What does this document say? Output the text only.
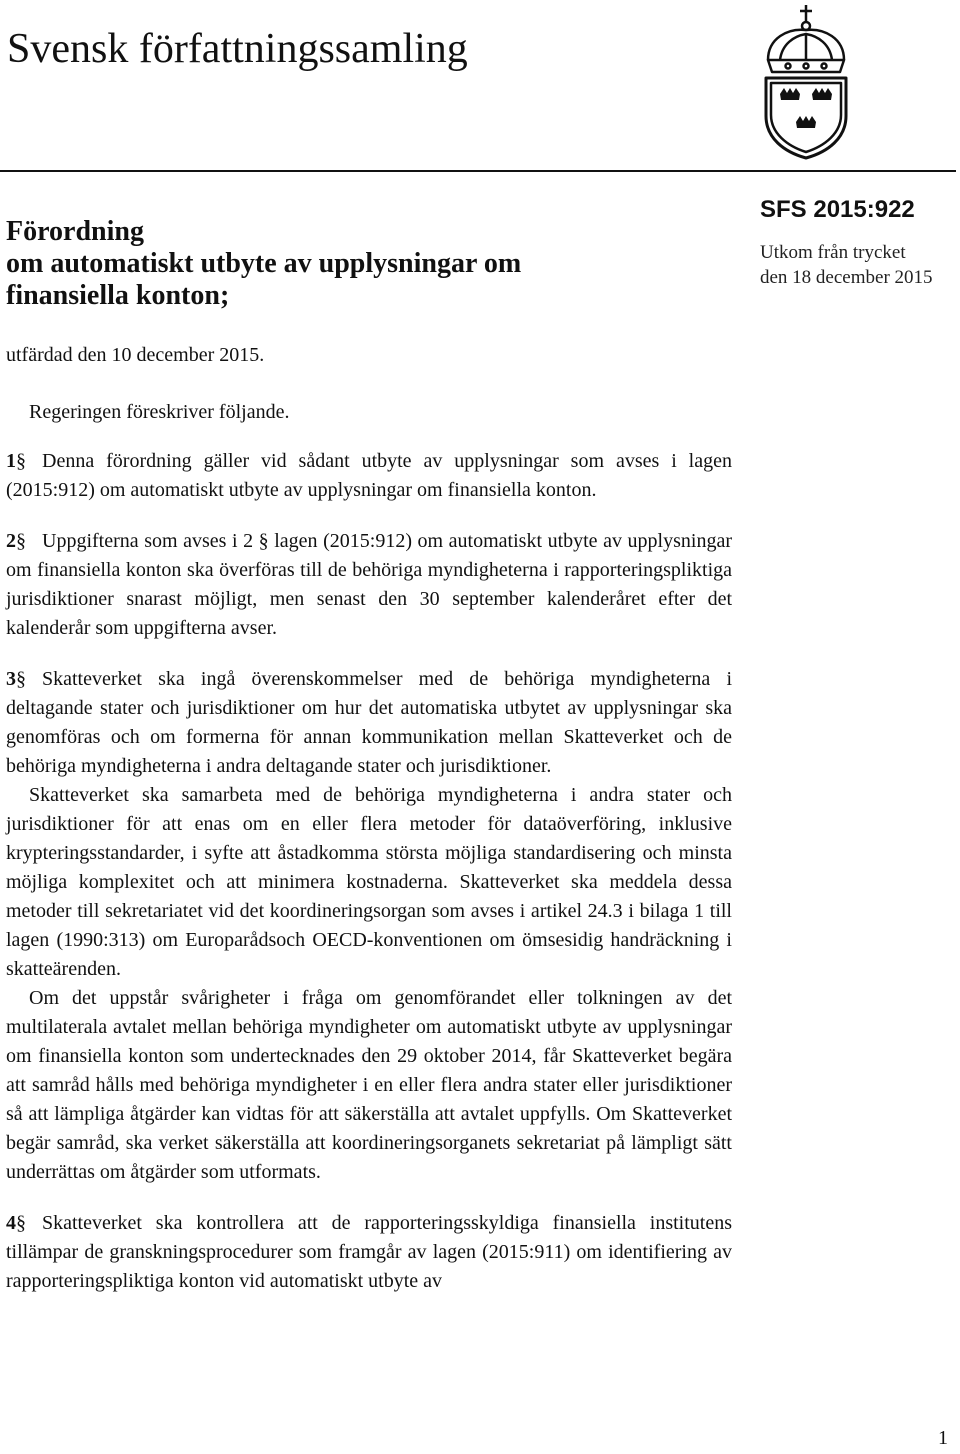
Svensk författningssamling
Förordning
om automatiskt utbyte av upplysningar om
finansiella konton;
SFS 2015:922
Utkom från trycket
den 18 december 2015
utfärdad den 10 december 2015.

Regeringen föreskriver följande.

1§ Denna förordning gäller vid sådant utbyte av upplysningar som avses i lagen (2015:912) om automatiskt utbyte av upplysningar om finansiella konton.

2§ Uppgifterna som avses i 2 § lagen (2015:912) om automatiskt utbyte av upplysningar om finansiella konton ska överföras till de behöriga myndigheterna i rapporteringspliktiga jurisdiktioner snarast möjligt, men senast den 30 september kalenderåret efter det kalenderår som uppgifterna avser.

3§ Skatteverket ska ingå överenskommelser med de behöriga myndigheterna i deltagande stater och jurisdiktioner om hur det automatiska utbytet av upplysningar ska genomföras och om formerna för annan kommunikation mellan Skatteverket och de behöriga myndigheterna i andra deltagande stater och jurisdiktioner.

Skatteverket ska samarbeta med de behöriga myndigheterna i andra stater och jurisdiktioner för att enas om en eller flera metoder för dataöverföring, inklusive krypteringsstandarder, i syfte att åstadkomma största möjliga standardisering och minsta möjliga komplexitet och att minimera kostnaderna. Skatteverket ska meddela dessa metoder till sekretariatet vid det koordineringsorgan som avses i artikel 24.3 i bilaga 1 till lagen (1990:313) om Europarådsoch OECD-konventionen om ömsesidig handräckning i skatteärenden.

Om det uppstår svårigheter i fråga om genomförandet eller tolkningen av det multilaterala avtalet mellan behöriga myndigheter om automatiskt utbyte av upplysningar om finansiella konton som undertecknades den 29 oktober 2014, får Skatteverket begära att samråd hålls med behöriga myndigheter i en eller flera andra stater eller jurisdiktioner så att lämpliga åtgärder kan vidtas för att säkerställa att avtalet uppfylls. Om Skatteverket begär samråd, ska verket säkerställa att koordineringsorganets sekretariat på lämpligt sätt underrättas om åtgärder som utformats.

4§ Skatteverket ska kontrollera att de rapporteringsskyldiga finansiella institutens tillämpar de granskningsprocedurer som framgår av lagen (2015:911) om identifiering av rapporteringspliktiga konton vid automatiskt utbyte av

1
